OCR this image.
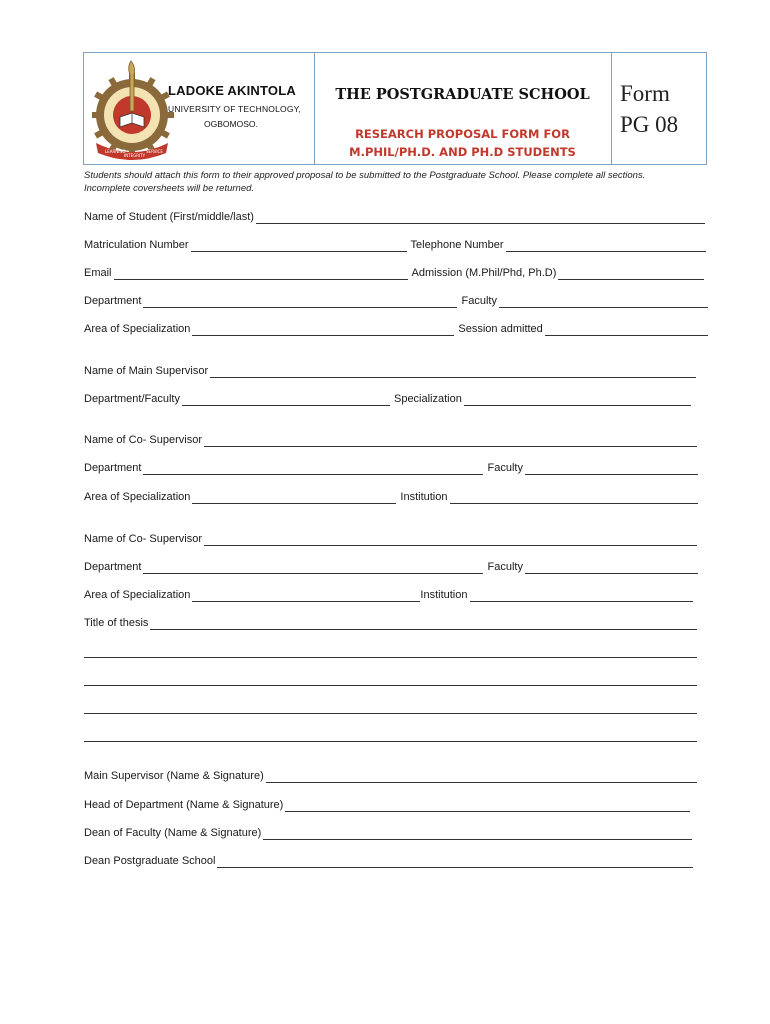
LEARNING
INTEGRITY
SERVICE
LADOKE AKINTOLA
UNIVERSITY OF TECHNOLOGY,
OGBOMOSO.
THE POSTGRADUATE SCHOOL
RESEARCH PROPOSAL FORM FOR
M.PHIL/PH.D. AND PH.D STUDENTS
Form
PG 08
Students should attach this form to their approved proposal to be submitted to the Postgraduate School. Please complete all sections. Incomplete coversheets will be returned.
Name of Student (First/middle/last)
Matriculation Number	Telephone Number
Email	Admission (M.Phil/Phd, Ph.D)
Department	Faculty
Area of Specialization	Session admitted
Name of Main Supervisor
Department/Faculty	Specialization
Name of Co- Supervisor
Department	Faculty
Area of Specialization	Institution
Name of Co- Supervisor
Department	Faculty
Area of Specialization	Institution
Title of thesis
Main Supervisor (Name & Signature)
Head of Department (Name & Signature)
Dean of Faculty (Name & Signature)
Dean Postgraduate School
